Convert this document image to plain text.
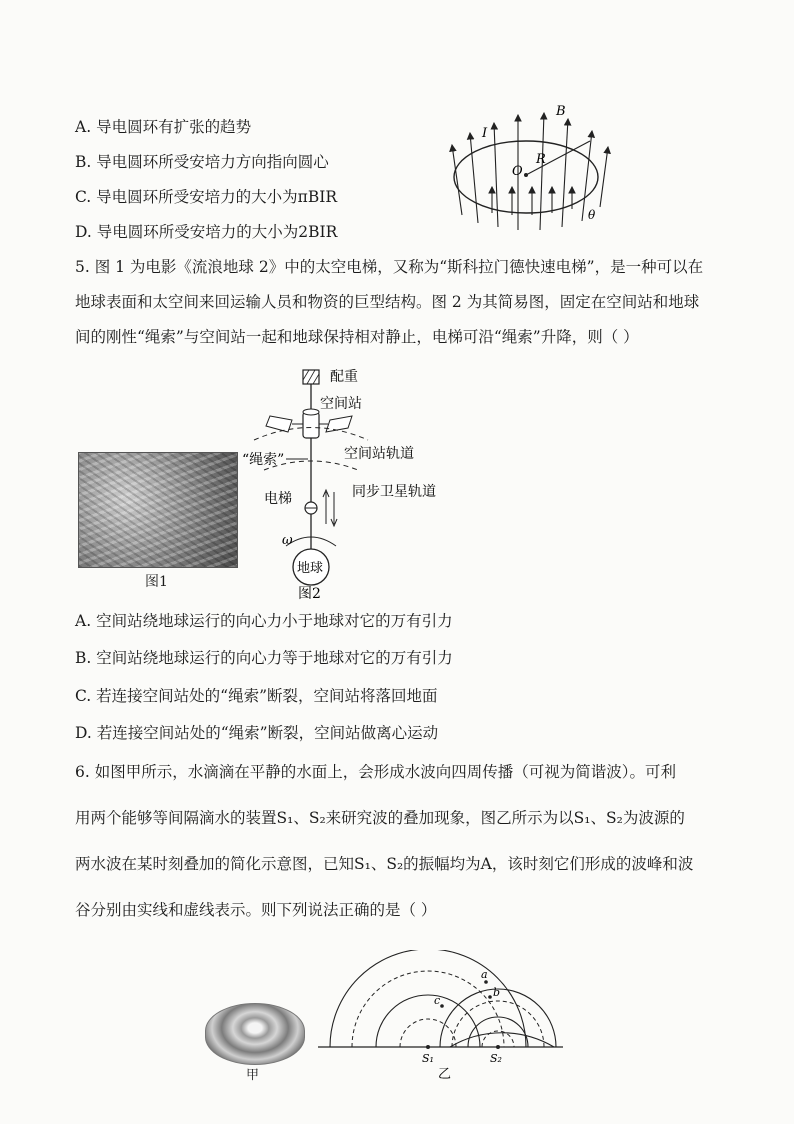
A. 导电圆环有扩张的趋势
B. 导电圆环所受安培力方向指向圆心
C. 导电圆环所受安培力的大小为πBIR
D. 导电圆环所受安培力的大小为2BIR
B
I
O
R
θ
5. 图 1 为电影《流浪地球 2》中的太空电梯，又称为“斯科拉门德快速电梯”，是一种可以在
地球表面和太空间来回运输人员和物资的巨型结构。图 2 为其简易图，固定在空间站和地球
间的刚性“绳索”与空间站一起和地球保持相对静止，电梯可沿“绳索”升降，则（ ）
图1
配重
空间站
空间站轨道
“绳索”
同步卫星轨道
电梯
ω
地球
图2
A. 空间站绕地球运行的向心力小于地球对它的万有引力
B. 空间站绕地球运行的向心力等于地球对它的万有引力
C. 若连接空间站处的“绳索”断裂，空间站将落回地面
D. 若连接空间站处的“绳索”断裂，空间站做离心运动
6. 如图甲所示，水滴滴在平静的水面上，会形成水波向四周传播（可视为简谐波）。可利
用两个能够等间隔滴水的装置S₁、S₂来研究波的叠加现象，图乙所示为以S₁、S₂为波源的
两水波在某时刻叠加的简化示意图，已知S₁、S₂的振幅均为A，该时刻它们形成的波峰和波
谷分别由实线和虚线表示。则下列说法正确的是（ ）
甲
a
b
c
S₁	S₂
乙
